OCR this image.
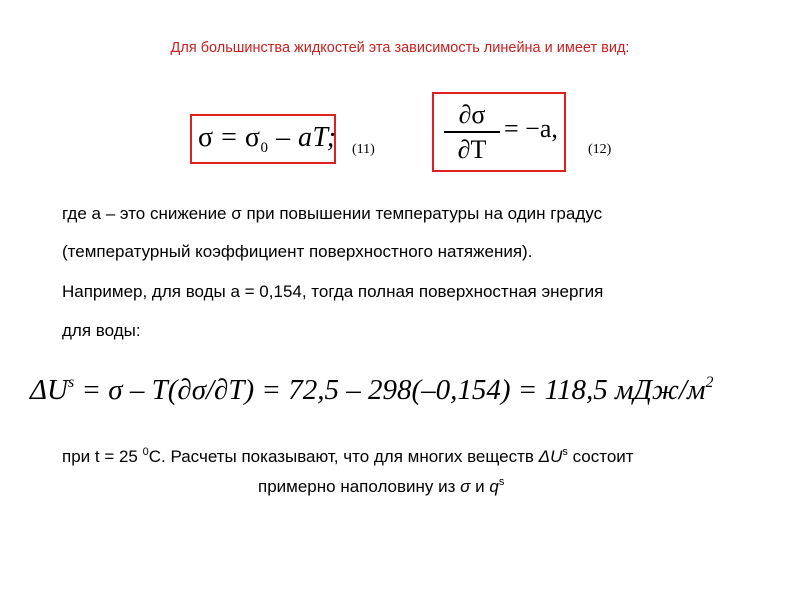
Для большинства жидкостей эта зависимость линейна и имеет вид:
$\sigma = \sigma_0$ – aT; (11)
∂σ
∂T
= −a,
(12)
где a – это снижение σ при повышении температуры на один градус
(температурный коэффициент поверхностного натяжения).
Например, для воды a = 0,154, тогда полная поверхностная энергия
для воды:
$\Delta U^s = \sigma - T(\partial\sigma/\partial T) = 72,5 - 298(-0,154) = 118,5$ мДж/$м^2$
при t = 25 $^0$С. Расчеты показывают, что для многих веществ $\Delta U^s$ состоит
примерно наполовину из σ и $q^s$
